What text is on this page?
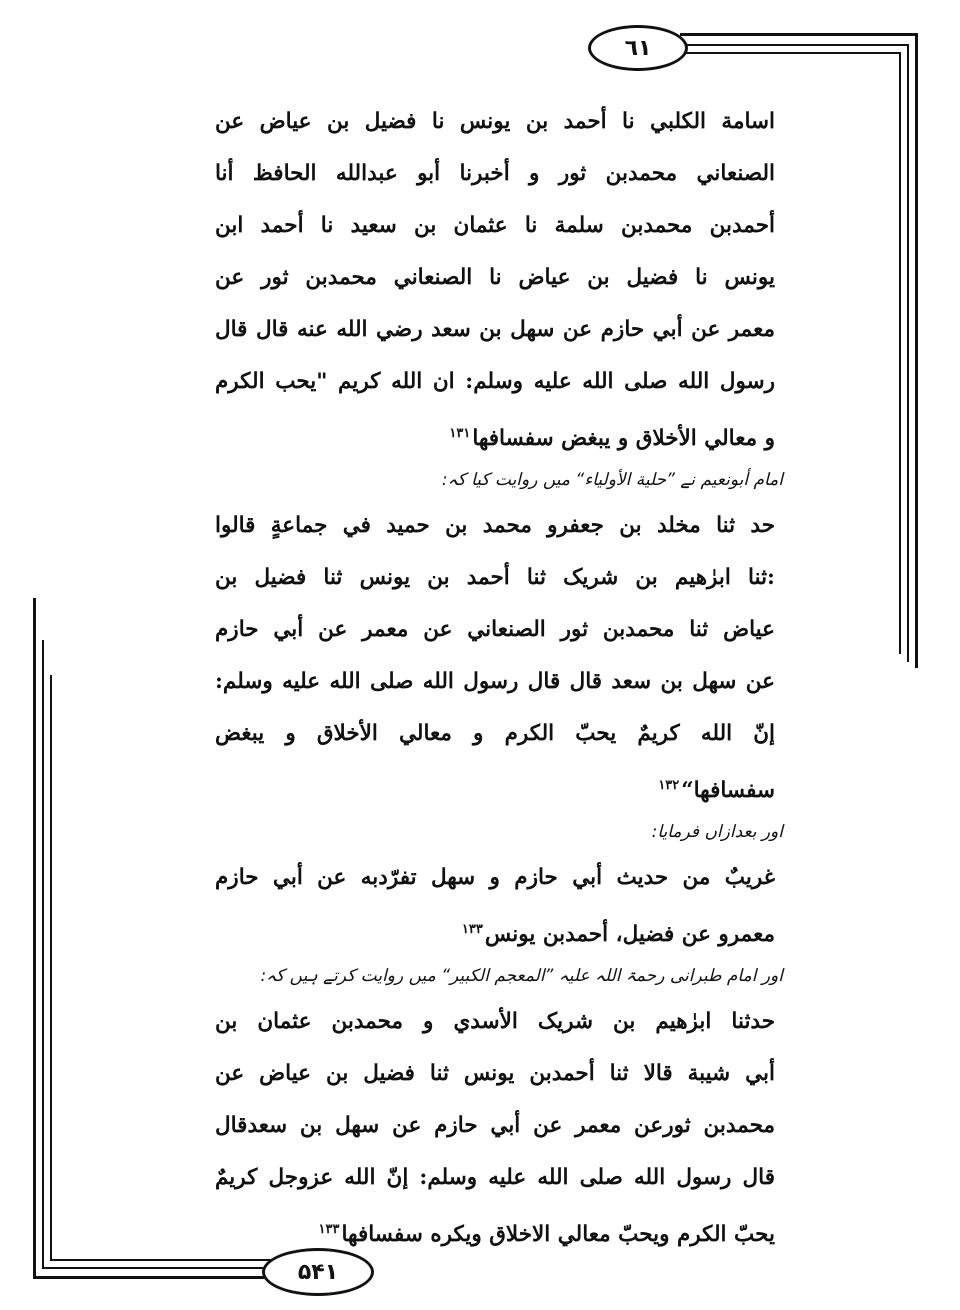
٦١
۵۴۱
اسامة الكلبي نا أحمد بن يونس نا فضيل بن عياض عن
الصنعاني محمدبن ثور و أخبرنا أبو عبدالله الحافظ أنا
أحمدبن محمدبن سلمة نا عثمان بن سعيد نا أحمد ابن
يونس نا فضيل بن عياض نا الصنعاني محمدبن ثور عن
معمر عن أبي حازم عن سهل بن سعد رضي الله عنه قال قال
رسول الله صلى الله عليه وسلم: ان الله كريم "يحب الكرم
و معالي الأخلاق و يبغض سفسافها$^{١٣١}$
امام أبونعیم نے ”حلية الأولياء“ میں روایت کیا کہ:
حد ثنا مخلد بن جعفرو محمد بن حميد في جماعةٍ قالوا
:ثنا ابرٰهيم بن شريک ثنا أحمد بن يونس ثنا فضيل بن
عياض ثنا محمدبن ثور الصنعاني عن معمر عن أبي حازم
عن سهل بن سعد قال قال رسول الله صلى الله عليه وسلم:
إنّ الله كريمٌ يحبّ الكرم و معالي الأخلاق و يبغض
سفسافها“$^{١٣٢}$
اور بعدازاں فرمایا:
غريبٌ من حديث أبي حازم و سهل تفرّدبه عن أبي حازم
معمرو عن فضيل، أحمدبن يونس$^{١٣٣}$
اور امام طبرانی رحمۃ اللہ علیہ ”المعجم الكبير“ میں روایت کرتے ہیں کہ:
حدثنا ابرٰهيم بن شريک الأسدي و محمدبن عثمان بن
أبي شيبة قالا ثنا أحمدبن يونس ثنا فضيل بن عياض عن
محمدبن ثورعن معمر عن أبي حازم عن سهل بن سعدقال
قال رسول الله صلى الله عليه وسلم: إنّ الله عزوجل كريمٌ
يحبّ الكرم ويحبّ معالي الاخلاق ويكره سفسافها$^{١٣٣}$
